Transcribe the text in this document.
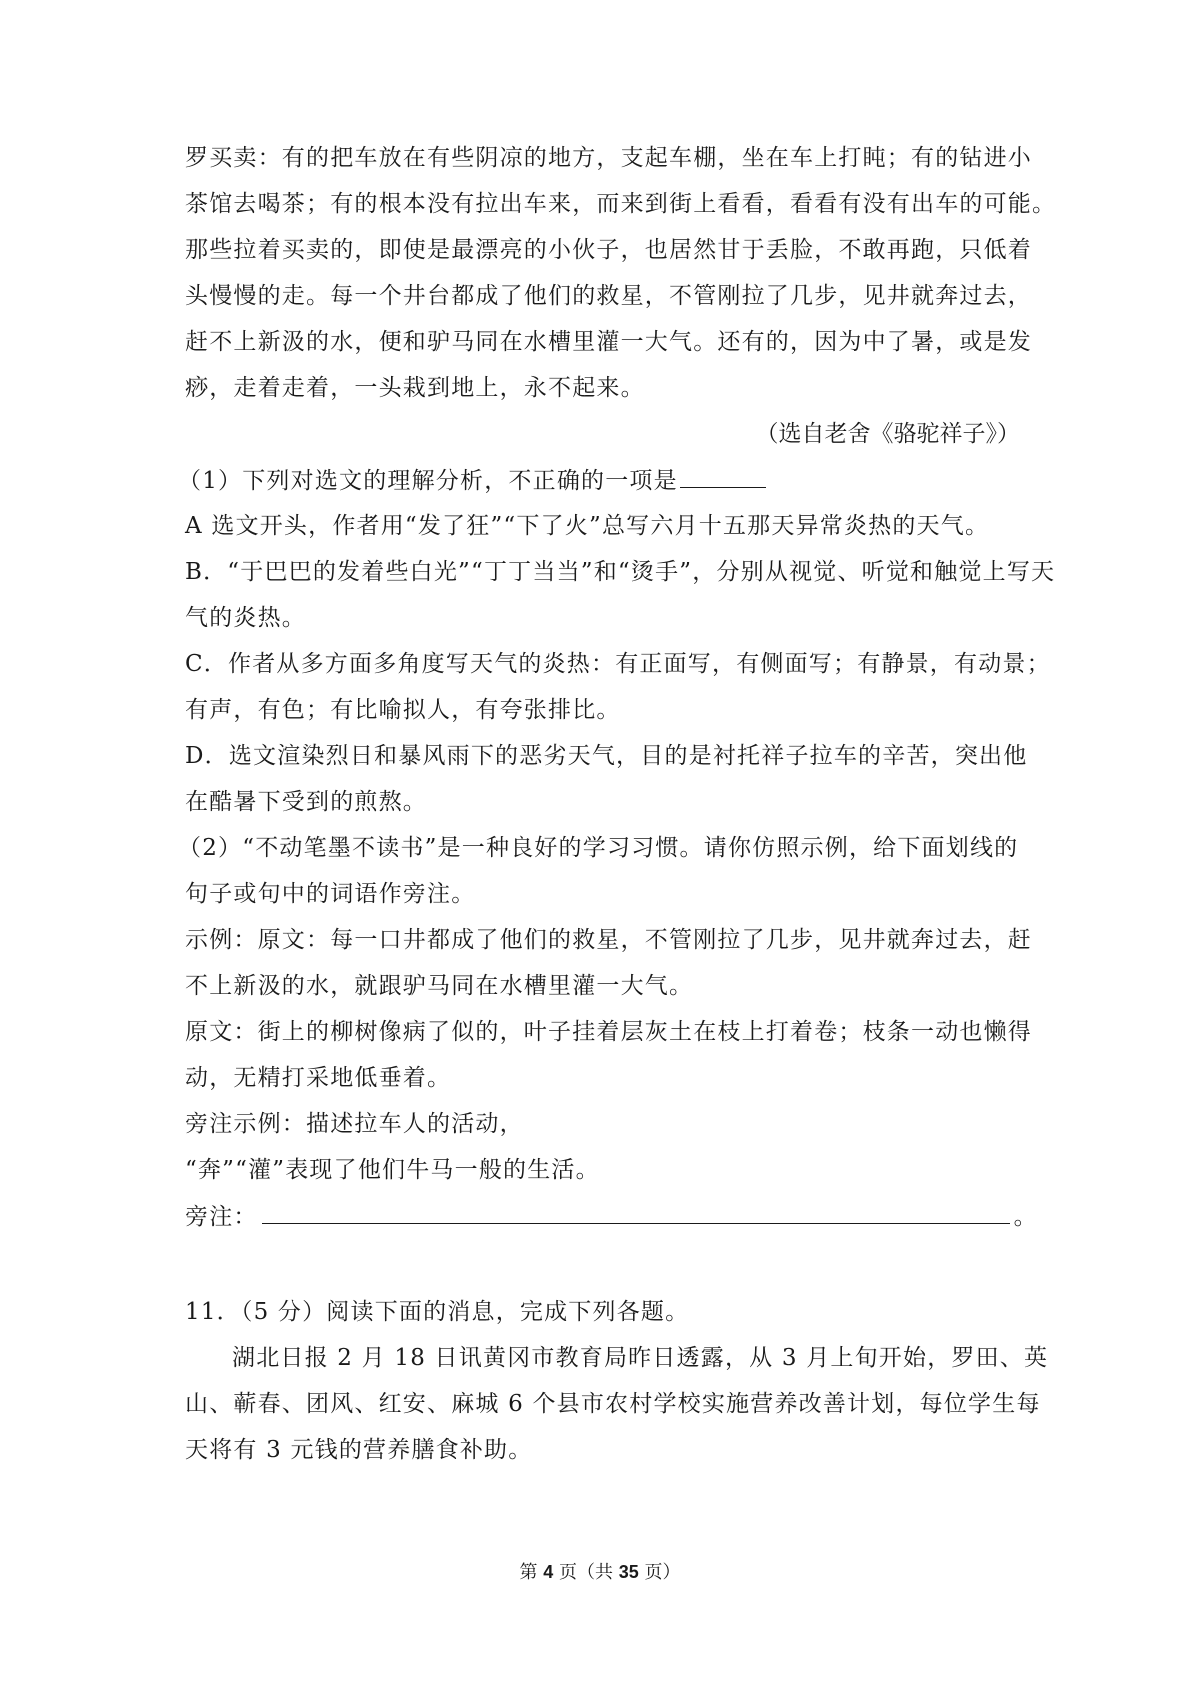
罗买卖：有的把车放在有些阴凉的地方，支起车棚，坐在车上打盹；有的钻进小
茶馆去喝茶；有的根本没有拉出车来，而来到街上看看，看看有没有出车的可能。
那些拉着买卖的，即使是最漂亮的小伙子，也居然甘于丢脸，不敢再跑，只低着
头慢慢的走。每一个井台都成了他们的救星，不管刚拉了几步，见井就奔过去，
赶不上新汲的水，便和驴马同在水槽里灌一大气。还有的，因为中了暑，或是发
痧，走着走着，一头栽到地上，永不起来。
（选自老舍《骆驼祥子》）
（1）下列对选文的理解分析，不正确的一项是
A 选文开头，作者用“发了狂”“下了火”总写六月十五那天异常炎热的天气。
B．“于巴巴的发着些白光”“丁丁当当”和“烫手”，分别从视觉、听觉和触觉上写天
气的炎热。
C．作者从多方面多角度写天气的炎热：有正面写，有侧面写；有静景，有动景；
有声，有色；有比喻拟人，有夸张排比。
D．选文渲染烈日和暴风雨下的恶劣天气，目的是衬托祥子拉车的辛苦，突出他
在酷暑下受到的煎熬。
（2）“不动笔墨不读书”是一种良好的学习习惯。请你仿照示例，给下面划线的
句子或句中的词语作旁注。
示例：原文：每一口井都成了他们的救星，不管刚拉了几步，见井就奔过去，赶
不上新汲的水，就跟驴马同在水槽里灌一大气。
原文：街上的柳树像病了似的，叶子挂着层灰土在枝上打着卷；枝条一动也懒得
动，无精打采地低垂着。
旁注示例：描述拉车人的活动，
“奔”“灌”表现了他们牛马一般的生活。
旁注：	。
11．（5 分）阅读下面的消息，完成下列各题。
湖北日报 2 月 18 日讯黄冈市教育局昨日透露，从 3 月上旬开始，罗田、英
山、蕲春、团风、红安、麻城 6 个县市农村学校实施营养改善计划，每位学生每
天将有 3 元钱的营养膳食补助。
第 4 页（共 35 页）
